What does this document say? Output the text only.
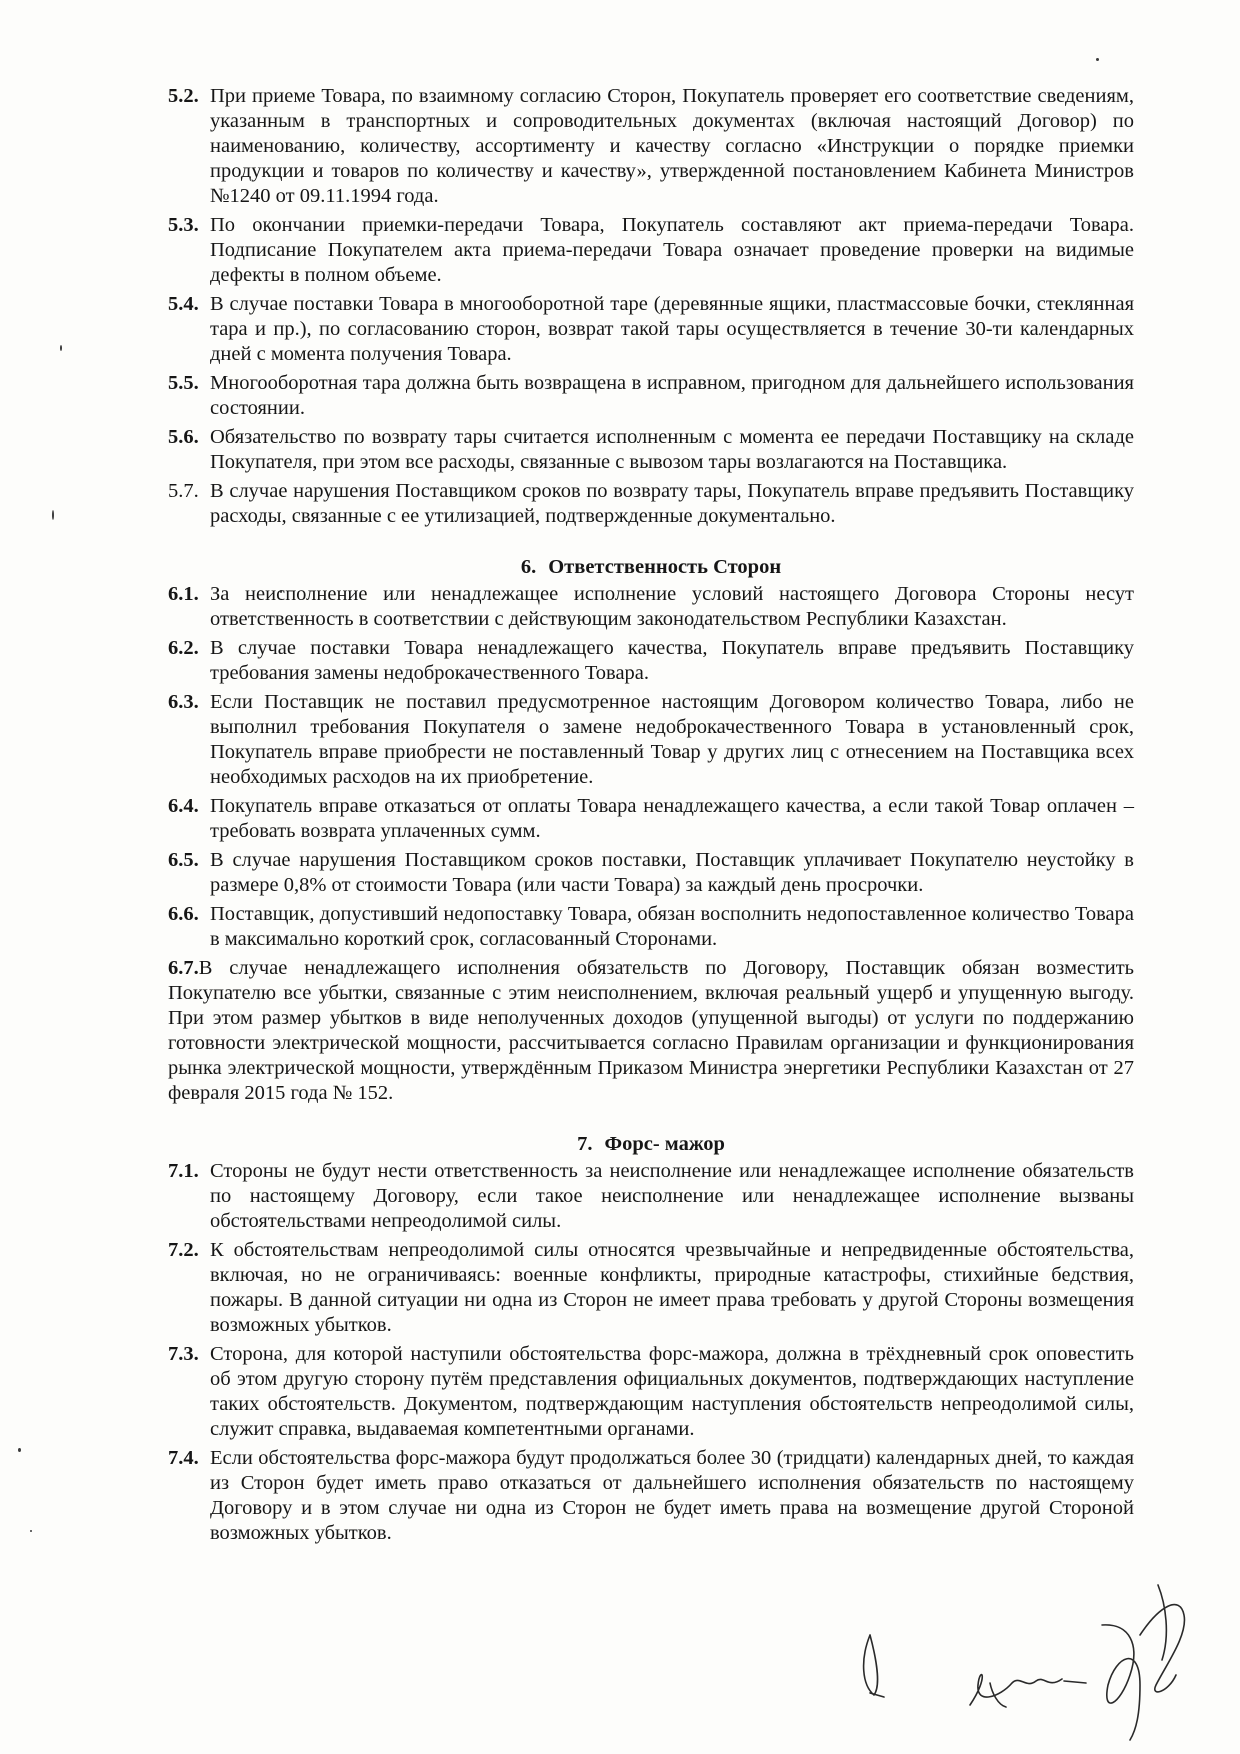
5.2. При приеме Товара, по взаимному согласию Сторон, Покупатель проверяет его соответствие сведениям, указанным в транспортных и сопроводительных документах (включая настоящий Договор) по наименованию, количеству, ассортименту и качеству согласно «Инструкции о порядке приемки продукции и товаров по количеству и качеству», утвержденной постановлением Кабинета Министров №1240 от 09.11.1994 года.
5.3. По окончании приемки-передачи Товара, Покупатель составляют акт приема-передачи Товара. Подписание Покупателем акта приема-передачи Товара означает проведение проверки на видимые дефекты в полном объеме.
5.4. В случае поставки Товара в многооборотной таре (деревянные ящики, пластмассовые бочки, стеклянная тара и пр.), по согласованию сторон, возврат такой тары осуществляется в течение 30-ти календарных дней с момента получения Товара.
5.5. Многооборотная тара должна быть возвращена в исправном, пригодном для дальнейшего использования состоянии.
5.6. Обязательство по возврату тары считается исполненным с момента ее передачи Поставщику на складе Покупателя, при этом все расходы, связанные с вывозом тары возлагаются на Поставщика.
5.7. В случае нарушения Поставщиком сроков по возврату тары, Покупатель вправе предъявить Поставщику расходы, связанные с ее утилизацией, подтвержденные документально.
6. Ответственность Сторон
6.1. За неисполнение или ненадлежащее исполнение условий настоящего Договора Стороны несут ответственность в соответствии с действующим законодательством Республики Казахстан.
6.2. В случае поставки Товара ненадлежащего качества, Покупатель вправе предъявить Поставщику требования замены недоброкачественного Товара.
6.3. Если Поставщик не поставил предусмотренное настоящим Договором количество Товара, либо не выполнил требования Покупателя о замене недоброкачественного Товара в установленный срок, Покупатель вправе приобрести не поставленный Товар у других лиц с отнесением на Поставщика всех необходимых расходов на их приобретение.
6.4. Покупатель вправе отказаться от оплаты Товара ненадлежащего качества, а если такой Товар оплачен – требовать возврата уплаченных сумм.
6.5. В случае нарушения Поставщиком сроков поставки, Поставщик уплачивает Покупателю неустойку в размере 0,8% от стоимости Товара (или части Товара) за каждый день просрочки.
6.6. Поставщик, допустивший недопоставку Товара, обязан восполнить недопоставленное количество Товара в максимально короткий срок, согласованный Сторонами.
6.7.В случае ненадлежащего исполнения обязательств по Договору, Поставщик обязан возместить Покупателю все убытки, связанные с этим неисполнением, включая реальный ущерб и упущенную выгоду. При этом размер убытков в виде неполученных доходов (упущенной выгоды) от услуги по поддержанию готовности электрической мощности, рассчитывается согласно Правилам организации и функционирования рынка электрической мощности, утверждённым Приказом Министра энергетики Республики Казахстан от 27 февраля 2015 года № 152.
7. Форс- мажор
7.1. Стороны не будут нести ответственность за неисполнение или ненадлежащее исполнение обязательств по настоящему Договору, если такое неисполнение или ненадлежащее исполнение вызваны обстоятельствами непреодолимой силы.
7.2. К обстоятельствам непреодолимой силы относятся чрезвычайные и непредвиденные обстоятельства, включая, но не ограничиваясь: военные конфликты, природные катастрофы, стихийные бедствия, пожары. В данной ситуации ни одна из Сторон не имеет права требовать у другой Стороны возмещения возможных убытков.
7.3. Сторона, для которой наступили обстоятельства форс-мажора, должна в трёхдневный срок оповестить об этом другую сторону путём представления официальных документов, подтверждающих наступление таких обстоятельств. Документом, подтверждающим наступления обстоятельств непреодолимой силы, служит справка, выдаваемая компетентными органами.
7.4. Если обстоятельства форс-мажора будут продолжаться более 30 (тридцати) календарных дней, то каждая из Сторон будет иметь право отказаться от дальнейшего исполнения обязательств по настоящему Договору и в этом случае ни одна из Сторон не будет иметь права на возмещение другой Стороной возможных убытков.
